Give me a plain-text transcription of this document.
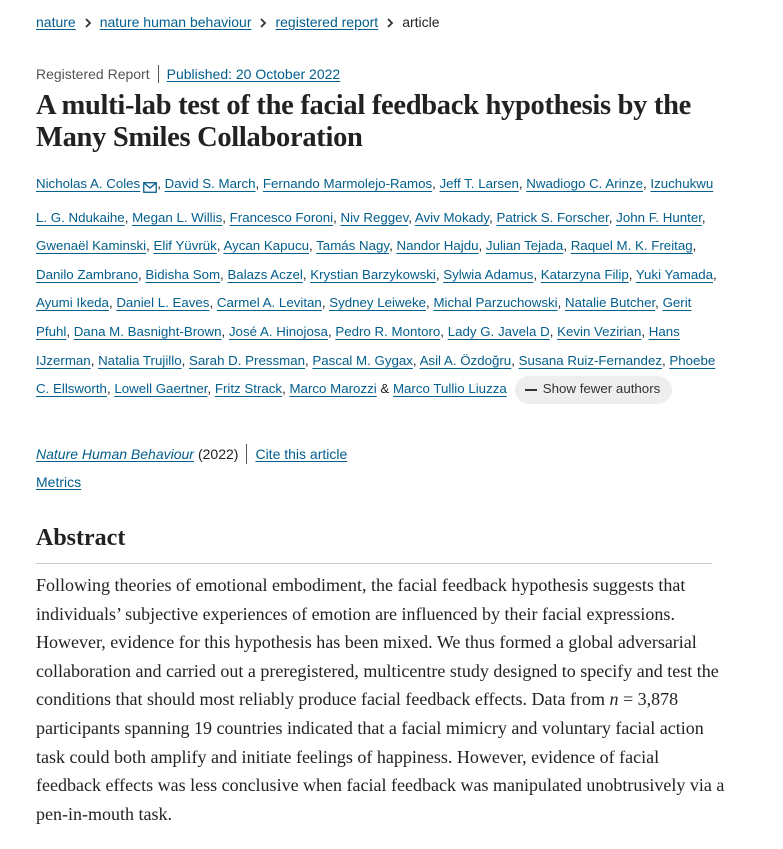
nature nature human behaviour registered report article
Registered Report Published: 20 October 2022
A multi-lab test of the facial feedback hypothesis by the Many Smiles Collaboration
Nicholas A. Coles , David S. March, Fernando Marmolejo-Ramos, Jeff T. Larsen, Nwadiogo C. Arinze, Izuchukwu L. G. Ndukaihe, Megan L. Willis, Francesco Foroni, Niv Reggev, Aviv Mokady, Patrick S. Forscher, John F. Hunter, Gwenaël Kaminski, Elif Yüvrük, Aycan Kapucu, Tamás Nagy, Nandor Hajdu, Julian Tejada, Raquel M. K. Freitag, Danilo Zambrano, Bidisha Som, Balazs Aczel, Krystian Barzykowski, Sylwia Adamus, Katarzyna Filip, Yuki Yamada, Ayumi Ikeda, Daniel L. Eaves, Carmel A. Levitan, Sydney Leiweke, Michal Parzuchowski, Natalie Butcher, Gerit Pfuhl, Dana M. Basnight-Brown, José A. Hinojosa, Pedro R. Montoro, Lady G. Javela D, Kevin Vezirian, Hans IJzerman, Natalia Trujillo, Sarah D. Pressman, Pascal M. Gygax, Asil A. Özdoğru, Susana Ruiz-Fernandez, Phoebe C. Ellsworth, Lowell Gaertner, Fritz Strack, Marco Marozzi & Marco Tullio Liuzza	Show fewer authors
Nature Human Behaviour (2022) Cite this article
Metrics
Abstract

Following theories of emotional embodiment, the facial feedback hypothesis suggests that individuals’ subjective experiences of emotion are influenced by their facial expressions. However, evidence for this hypothesis has been mixed. We thus formed a global adversarial collaboration and carried out a preregistered, multicentre study designed to specify and test the conditions that should most reliably produce facial feedback effects. Data from n = 3,878 participants spanning 19 countries indicated that a facial mimicry and voluntary facial action task could both amplify and initiate feelings of happiness. However, evidence of facial feedback effects was less conclusive when facial feedback was manipulated unobtrusively via a pen-in-mouth task.
